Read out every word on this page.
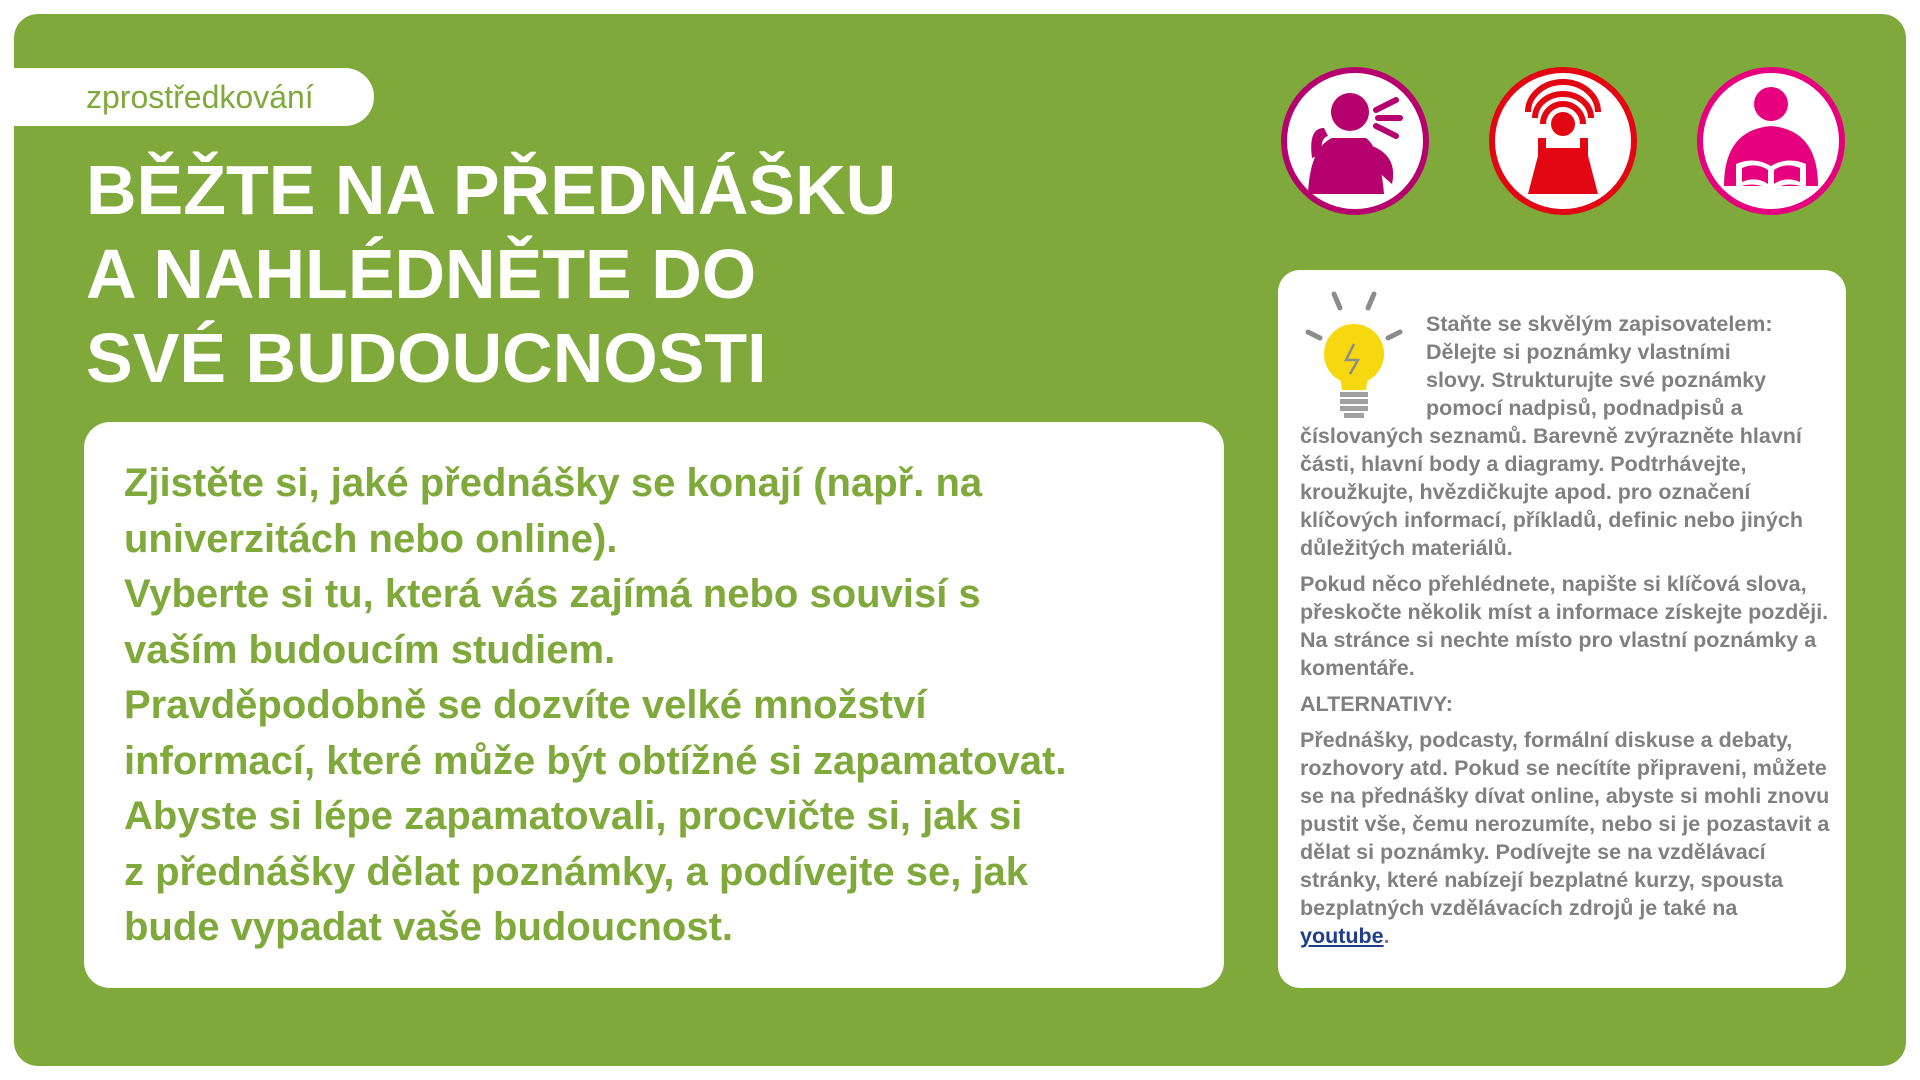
zprostředkování
BĚŽTE NA PŘEDNÁŠKU
A NAHLÉDNĚTE DO
SVÉ BUDOUCNOSTI
Zjistěte si, jaké přednášky se konají (např. na
univerzitách nebo online).
Vyberte si tu, která vás zajímá nebo souvisí s
vaším budoucím studiem.
Pravděpodobně se dozvíte velké množství
informací, které může být obtížné si zapamatovat.
Abyste si lépe zapamatovali, procvičte si, jak si
z přednášky dělat poznámky, a podívejte se, jak
bude vypadat vaše budoucnost.

Staňte se skvělým zapisovatelem:
Dělejte si poznámky vlastními
slovy. Strukturujte své poznámky
pomocí nadpisů, podnadpisů a
číslovaných seznamů. Barevně zvýrazněte hlavní části, hlavní body a diagramy. Podtrhávejte, kroužkujte, hvězdičkujte apod. pro označení klíčových informací, příkladů, definic nebo jiných důležitých materiálů.

Pokud něco přehlédnete, napište si klíčová slova, přeskočte několik míst a informace získejte později. Na stránce si nechte místo pro vlastní poznámky a komentáře.

ALTERNATIVY:

Přednášky, podcasty, formální diskuse a debaty, rozhovory atd. Pokud se necítíte připraveni, můžete se na přednášky dívat online, abyste si mohli znovu pustit vše, čemu nerozumíte, nebo si je pozastavit a dělat si poznámky. Podívejte se na vzdělávací stránky, které nabízejí bezplatné kurzy, spousta bezplatných vzdělávacích zdrojů je také na youtube.
